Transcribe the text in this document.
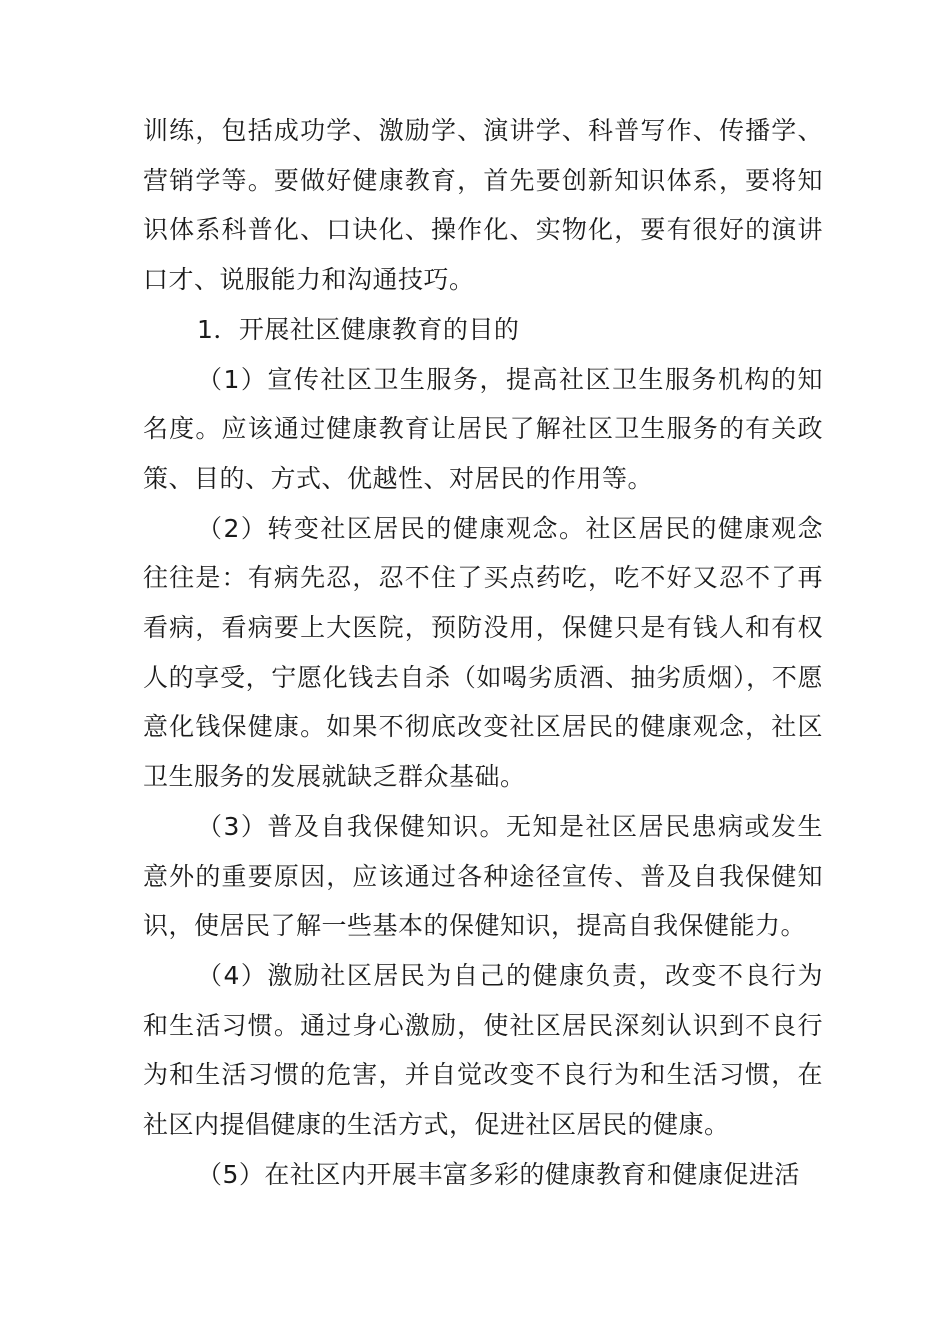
训练，包括成功学、激励学、演讲学、科普写作、传播学、营销学等。要做好健康教育，首先要创新知识体系，要将知识体系科普化、口诀化、操作化、实物化，要有很好的演讲口才、说服能力和沟通技巧。

1．开展社区健康教育的目的

（1）宣传社区卫生服务，提高社区卫生服务机构的知名度。应该通过健康教育让居民了解社区卫生服务的有关政策、目的、方式、优越性、对居民的作用等。

（2）转变社区居民的健康观念。社区居民的健康观念往往是：有病先忍，忍不住了买点药吃，吃不好又忍不了再看病，看病要上大医院，预防没用，保健只是有钱人和有权人的享受，宁愿化钱去自杀（如喝劣质酒、抽劣质烟），不愿意化钱保健康。如果不彻底改变社区居民的健康观念，社区卫生服务的发展就缺乏群众基础。

（3）普及自我保健知识。无知是社区居民患病或发生意外的重要原因，应该通过各种途径宣传、普及自我保健知识，使居民了解一些基本的保健知识，提高自我保健能力。

（4）激励社区居民为自己的健康负责，改变不良行为和生活习惯。通过身心激励，使社区居民深刻认识到不良行为和生活习惯的危害，并自觉改变不良行为和生活习惯，在社区内提倡健康的生活方式，促进社区居民的健康。

（5）在社区内开展丰富多彩的健康教育和健康促进活
